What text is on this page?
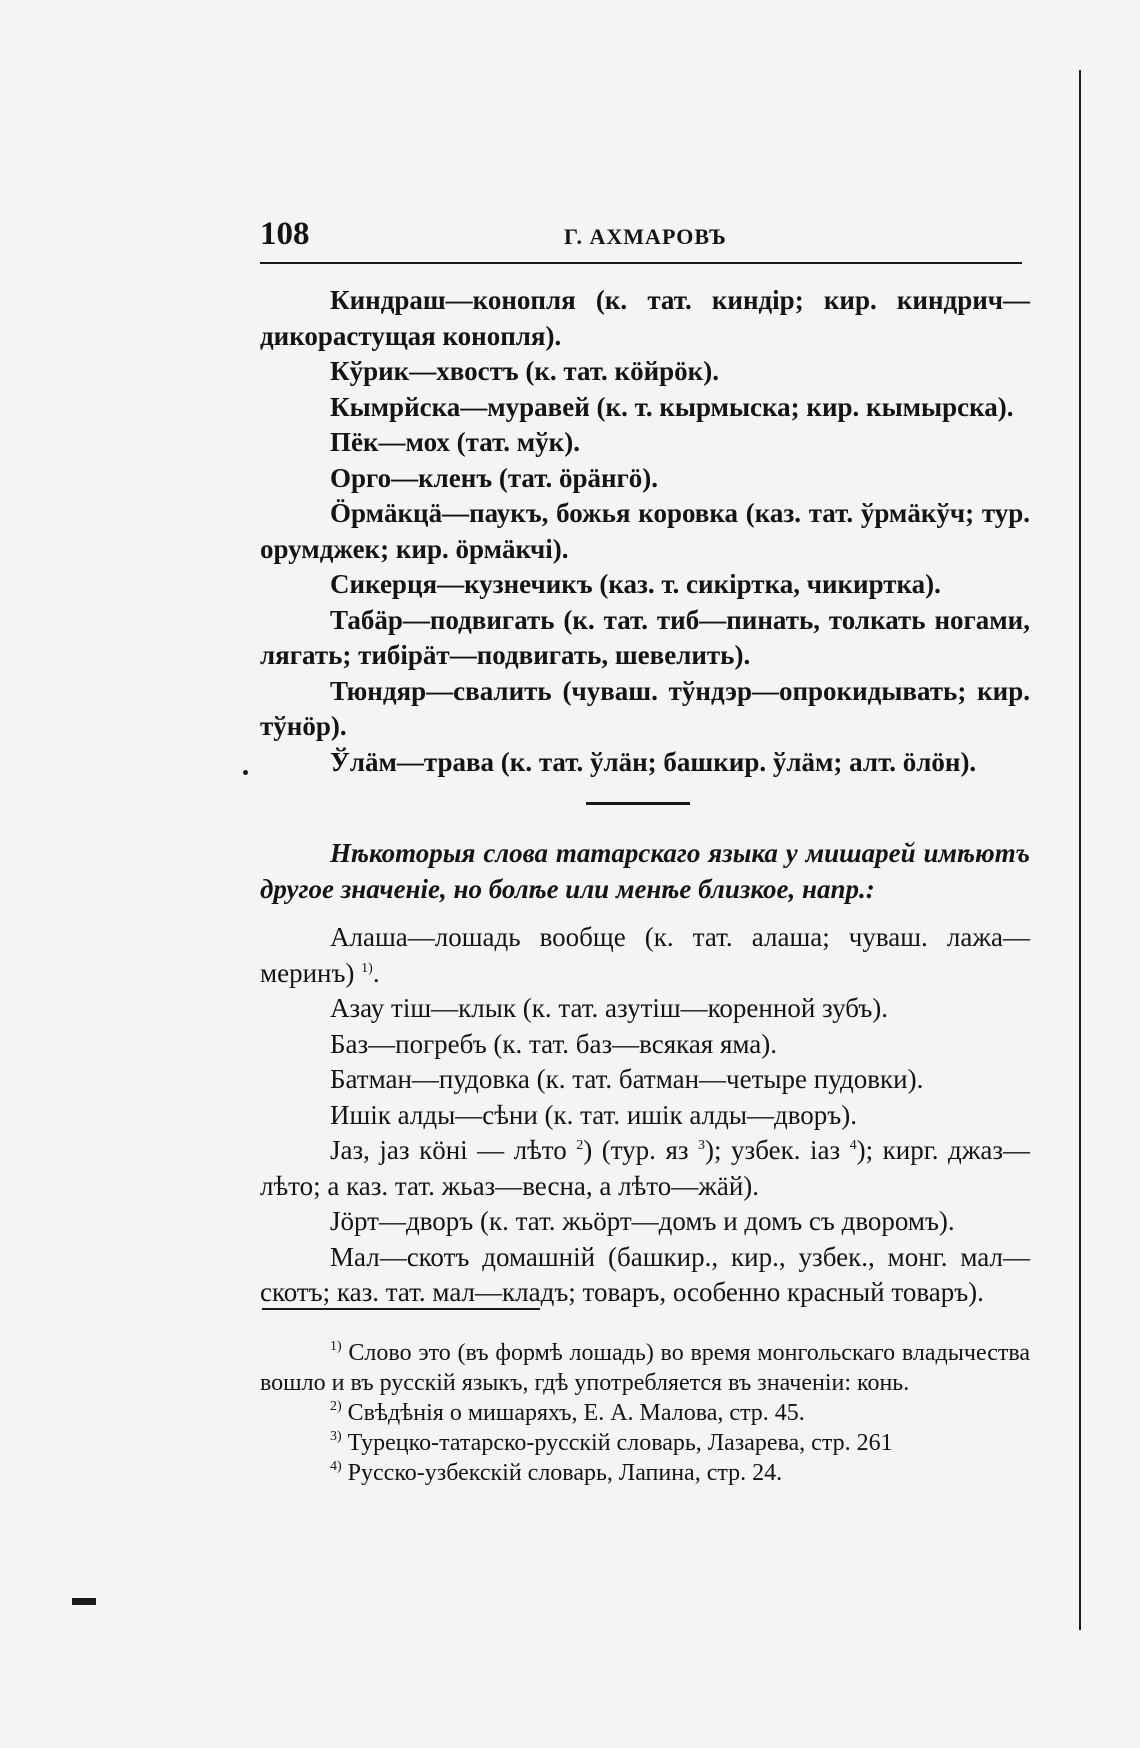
108	Г. АХМАРОВЪ

Киндраш—конопля (к. тат. киндір; кир. киндрич—дикорастущая конопля).

Кўрик—хвостъ (к. тат. кöйрöк).

Кымрйска—муравей (к. т. кырмыска; кир. кымырска).

Пёк—мох (тат. мўк).

Орго—кленъ (тат. öрäнгö).

Öрмäкцä—паукъ, божья коровка (каз. тат. ўрмäкўч; тур. орумджек; кир. öрмäкчі).

Сикерця—кузнечикъ (каз. т. сикіртка, чикиртка).

Табäр—подвигать (к. тат. тиб—пинать, толкать ногами, лягать; тибірäт—подвигать, шевелить).

Тюндяр—свалить (чуваш. тўндэр—опрокидывать; кир. тўнöр).

Ўлäм—трава (к. тат. ўлäн; башкир. ўлäм; алт. öлöн).

Нѣкоторыя слова татарскаго языка у мишарей имѣютъ другое значеніе, но болѣе или менѣе близкое, напр.:

Алаша—лошадь вообще (к. тат. алаша; чуваш. лажа—меринъ) $^{1)}$.

Азау тіш—клык (к. тат. азутіш—коренной зубъ).

Баз—погребъ (к. тат. баз—всякая яма).

Батман—пудовка (к. тат. батман—четыре пудовки).

Ишік алды—сѣни (к. тат. ишік алды—дворъ).

Јаз, јаз кöні — лѣто $^2$) (тур. яз $^3$); узбек. іаз $^4$); кирг. джаз—лѣто; а каз. тат. жьаз—весна, а лѣто—жäй).

Јöрт—дворъ (к. тат. жьöрт—домъ и домъ съ дворомъ).

Мал—скотъ домашній (башкир., кир., узбек., монг. мал—скотъ; каз. тат. мал—кладъ; товаръ, особенно красный товаръ).

$^{1)}$ Слово это (въ формѣ лошадь) во время монгольскаго владычества вошло и въ русскій языкъ, гдѣ употребляется въ значеніи: конь.

$^{2)}$ Свѣдѣнія о мишаряхъ, Е. А. Малова, стр. 45.

$^{3)}$ Турецко-татарско-русскій словарь, Лазарева, стр. 261

$^{4)}$ Русско-узбекскій словарь, Лапина, стр. 24.
